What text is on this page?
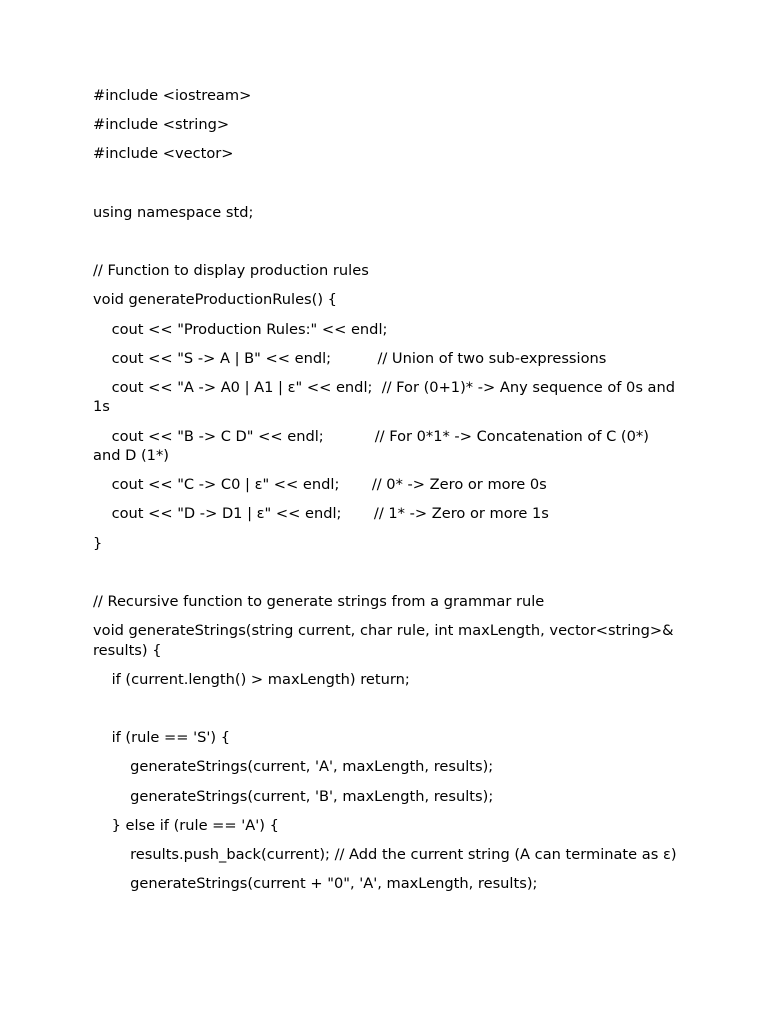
#include <iostream>

#include <string>

#include <vector>

using namespace std;

// Function to display production rules

void generateProductionRules() {

cout << "Production Rules:" << endl;

cout << "S -> A | B" << endl;          // Union of two sub-expressions

cout << "A -> A0 | A1 | ε" << endl;  // For (0+1)* -> Any sequence of 0s and 1s

cout << "B -> C D" << endl;           // For 0*1* -> Concatenation of C (0*) and D (1*)

cout << "C -> C0 | ε" << endl;       // 0* -> Zero or more 0s

cout << "D -> D1 | ε" << endl;       // 1* -> Zero or more 1s

}

// Recursive function to generate strings from a grammar rule

void generateStrings(string current, char rule, int maxLength, vector<string>& results) {

if (current.length() > maxLength) return;

if (rule == 'S') {

generateStrings(current, 'A', maxLength, results);

generateStrings(current, 'B', maxLength, results);

} else if (rule == 'A') {

results.push_back(current); // Add the current string (A can terminate as ε)

generateStrings(current + "0", 'A', maxLength, results);
